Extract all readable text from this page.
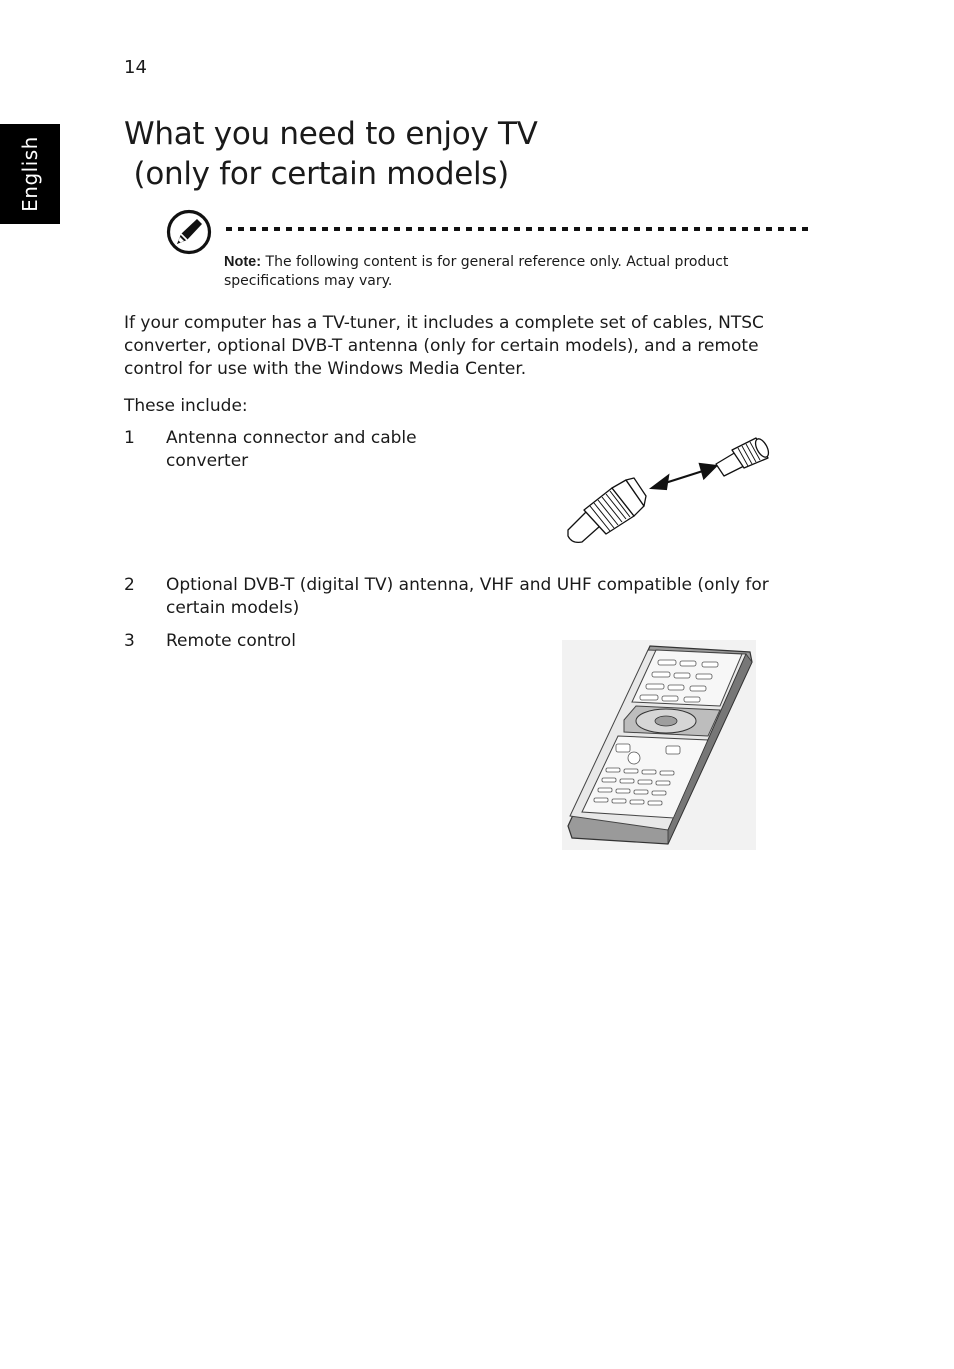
14
English
What you need to enjoy TV
(only for certain models)
Note: The following content is for general reference only. Actual product specifications may vary.
If your computer has a TV-tuner, it includes a complete set of cables, NTSC converter, optional DVB-T antenna (only for certain models), and a remote control for use with the Windows Media Center.
These include:
1 Antenna connector and cable converter
2 Optional DVB-T (digital TV) antenna, VHF and UHF compatible (only for certain models)
3 Remote control
